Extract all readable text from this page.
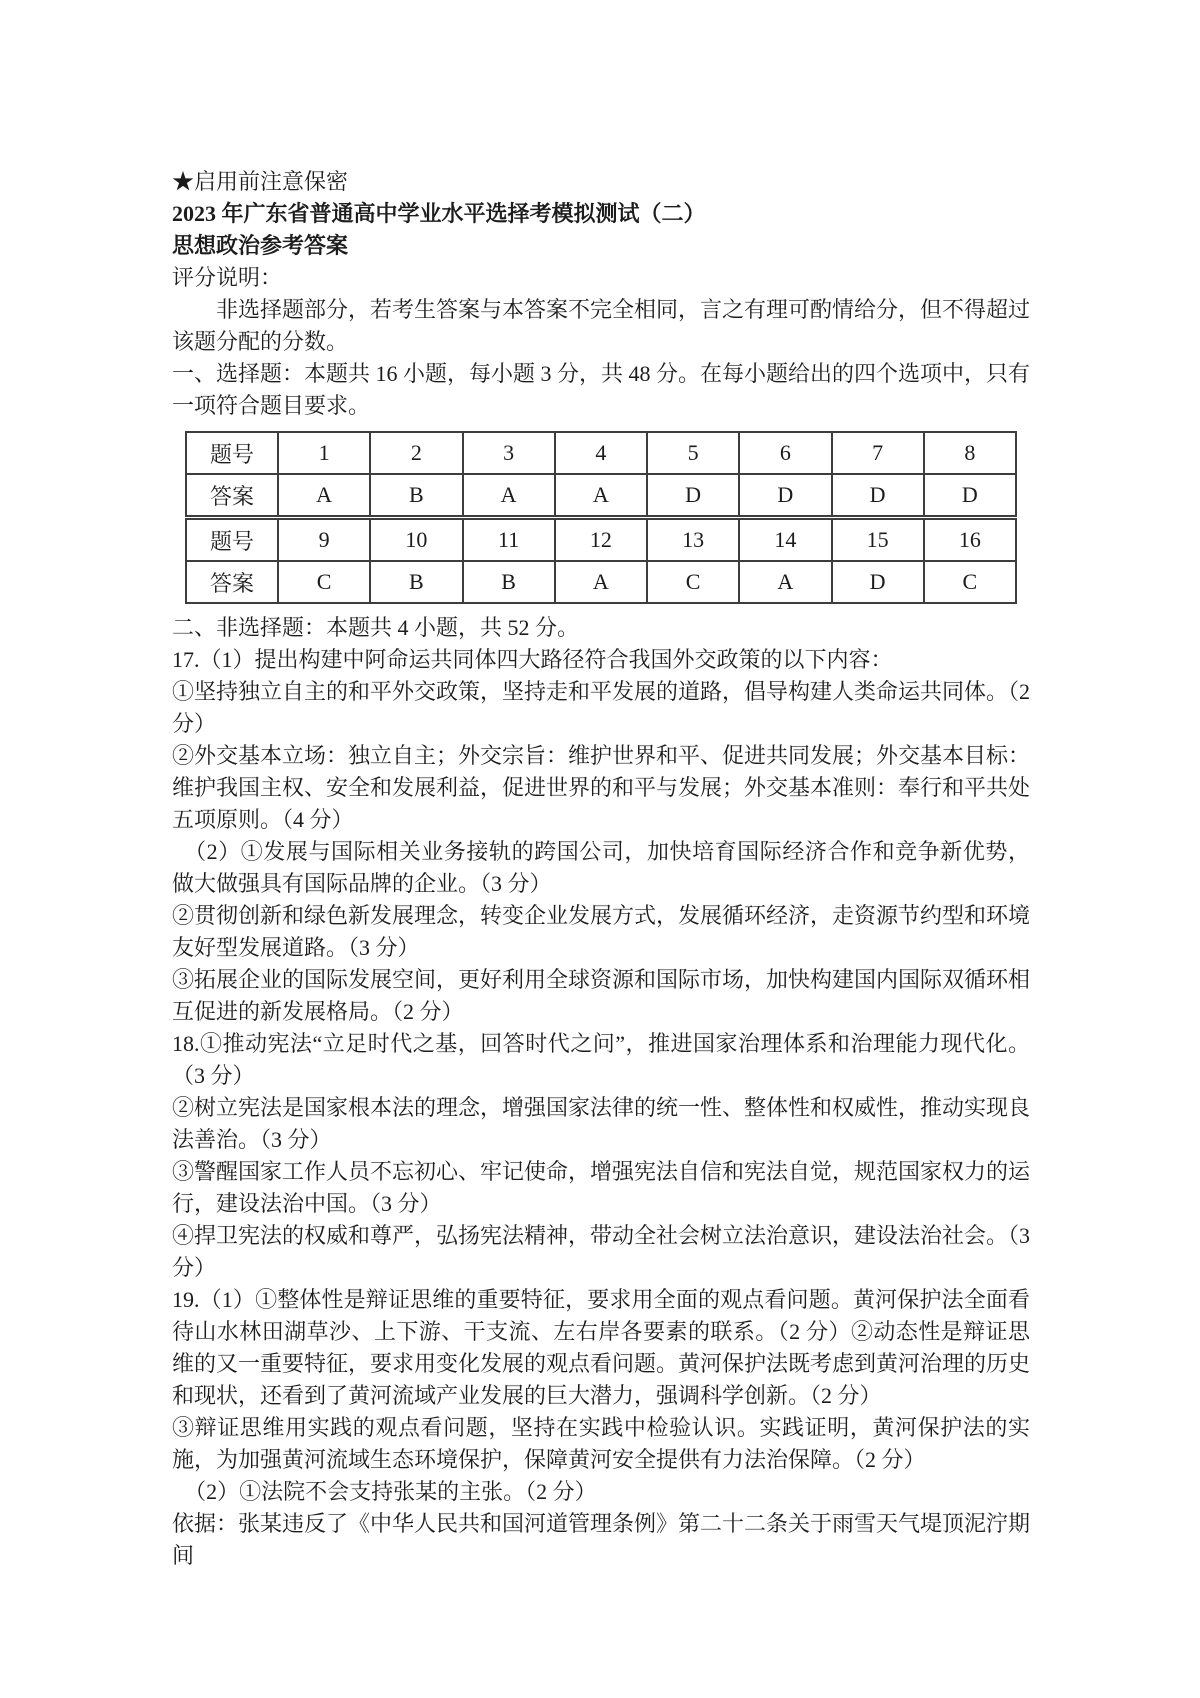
★启用前注意保密

2023 年广东省普通高中学业水平选择考模拟测试（二）

思想政治参考答案

评分说明：

非选择题部分，若考生答案与本答案不完全相同，言之有理可酌情给分，但不得超过该题分配的分数。

一、选择题：本题共 16 小题，每小题 3 分，共 48 分。在每小题给出的四个选项中，只有一项符合题目要求。

题号	1	2	3	4	5	6	7	8
答案	A	B	A	A	D	D	D	D
题号	9	10	11	12	13	14	15	16
答案	C	B	B	A	C	A	D	C

二、非选择题：本题共 4 小题，共 52 分。

17.（1）提出构建中阿命运共同体四大路径符合我国外交政策的以下内容：

①坚持独立自主的和平外交政策，坚持走和平发展的道路，倡导构建人类命运共同体。（2 分）

②外交基本立场：独立自主；外交宗旨：维护世界和平、促进共同发展；外交基本目标：维护我国主权、安全和发展利益，促进世界的和平与发展；外交基本准则：奉行和平共处五项原则。（4 分）

（2）①发展与国际相关业务接轨的跨国公司，加快培育国际经济合作和竞争新优势，做大做强具有国际品牌的企业。（3 分）

②贯彻创新和绿色新发展理念，转变企业发展方式，发展循环经济，走资源节约型和环境友好型发展道路。（3 分）

③拓展企业的国际发展空间，更好利用全球资源和国际市场，加快构建国内国际双循环相互促进的新发展格局。（2 分）

18.①推动宪法“立足时代之基，回答时代之问”，推进国家治理体系和治理能力现代化。（3 分）

②树立宪法是国家根本法的理念，增强国家法律的统一性、整体性和权威性，推动实现良法善治。（3 分）

③警醒国家工作人员不忘初心、牢记使命，增强宪法自信和宪法自觉，规范国家权力的运行，建设法治中国。（3 分）

④捍卫宪法的权威和尊严，弘扬宪法精神，带动全社会树立法治意识，建设法治社会。（3 分）

19.（1）①整体性是辩证思维的重要特征，要求用全面的观点看问题。黄河保护法全面看待山水林田湖草沙、上下游、干支流、左右岸各要素的联系。（2 分）②动态性是辩证思维的又一重要特征，要求用变化发展的观点看问题。黄河保护法既考虑到黄河治理的历史和现状，还看到了黄河流域产业发展的巨大潜力，强调科学创新。（2 分）

③辩证思维用实践的观点看问题，坚持在实践中检验认识。实践证明，黄河保护法的实施，为加强黄河流域生态环境保护，保障黄河安全提供有力法治保障。（2 分）

（2）①法院不会支持张某的主张。（2 分）

依据：张某违反了《中华人民共和国河道管理条例》第二十二条关于雨雪天气堤顶泥泞期间
